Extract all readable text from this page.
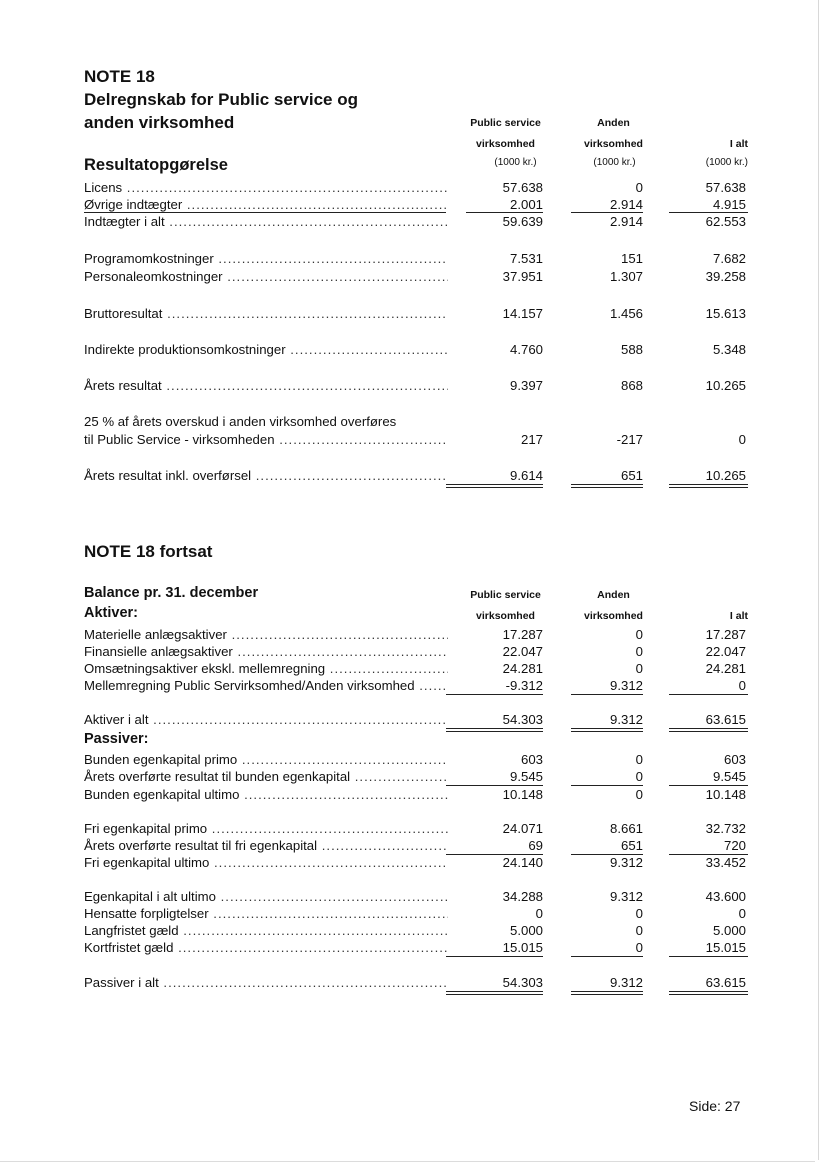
NOTE 18
Delregnskab for Public service og
anden virksomhed	Public service
virksomhed
Anden
virksomhed	I alt
(1000 kr.)	(1000 kr.)	(1000 kr.)
Resultatopgørelse
Licens .....	57.638	0	57.638
Øvrige indtægter .....	2.001	2.914	4.915
Indtægter i alt .....	59.639	2.914	62.553
Programomkostninger .....	7.531	151	7.682
Personaleomkostninger .....	37.951	1.307	39.258
Bruttoresultat .....	14.157	1.456	15.613
Indirekte produktionsomkostninger .....	4.760	588	5.348
Årets resultat .....	9.397	868	10.265
25 % af årets overskud i anden virksomhed overføres
til Public Service - virksomheden .....	217	-217	0
Årets resultat inkl. overførsel .....	9.614	651	10.265
NOTE 18 fortsat
Balance pr. 31. december
Aktiver:
Public service
virksomhed
Anden
virksomhed	I alt
Materielle anlægsaktiver .....	17.287	0	17.287
Finansielle anlægsaktiver .....	22.047	0	22.047
Omsætningsaktiver ekskl. mellemregning .....	24.281	0	24.281
Mellemregning Public Servirksomhed/Anden virksomhed .....	-9.312	9.312	0
Aktiver i alt .....	54.303	9.312	63.615
Passiver:
Bunden egenkapital primo .....	603	0	603
Årets overførte resultat til bunden egenkapital .....	9.545	0	9.545
Bunden egenkapital ultimo .....	10.148	0	10.148
Fri egenkapital primo .....	24.071	8.661	32.732
Årets overførte resultat til fri egenkapital .....	69	651	720
Fri egenkapital ultimo .....	24.140	9.312	33.452
Egenkapital i alt ultimo .....	34.288	9.312	43.600
Hensatte forpligtelser .....	0	0	0
Langfristet gæld .....	5.000	0	5.000
Kortfristet gæld .....	15.015	0	15.015
Passiver i alt .....	54.303	9.312	63.615
Side: 27
